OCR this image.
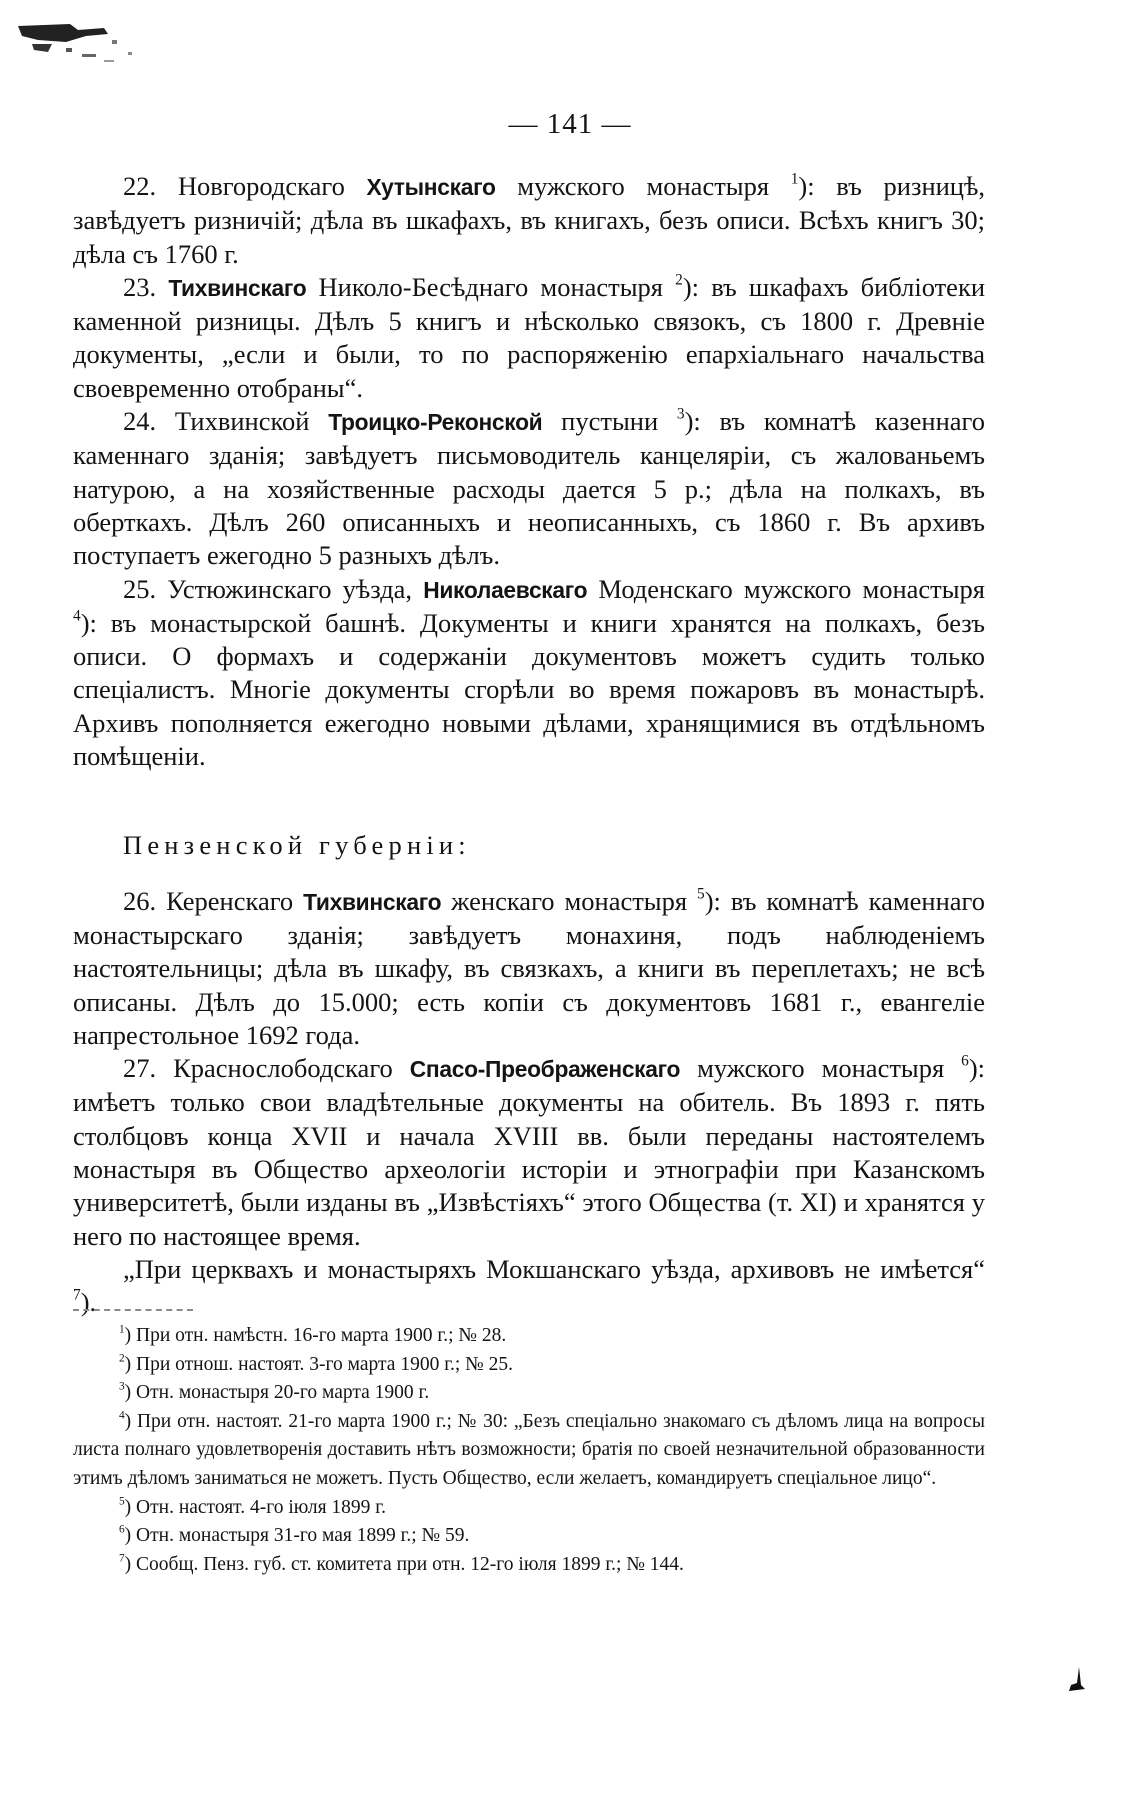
— 141 —

22. Новгородскаго Хутынскаго мужского монастыря $^1$): въ ризницѣ, завѣдуетъ ризничій; дѣла въ шкафахъ, въ книгахъ, безъ описи. Всѣхъ книгъ 30; дѣла съ 1760 г.

23. Тихвинскаго Николо-Бесѣднаго монастыря $^2$): въ шкафахъ библіотеки каменной ризницы. Дѣлъ 5 книгъ и нѣсколько связокъ, съ 1800 г. Древніе документы, „если и были, то по распоряженію епархіальнаго начальства своевременно отобраны“.

24. Тихвинской Троицко-Реконской пустыни $^3$): въ комнатѣ казеннаго каменнаго зданія; завѣдуетъ письмоводитель канцеляріи, съ жалованьемъ натурою, а на хозяйственные расходы дается 5 р.; дѣла на полкахъ, въ оберткахъ. Дѣлъ 260 описанныхъ и неописанныхъ, съ 1860 г. Въ архивъ поступаетъ ежегодно 5 разныхъ дѣлъ.

25. Устюжинскаго уѣзда, Николаевскаго Моденскаго мужского монастыря $^4$): въ монастырской башнѣ. Документы и книги хранятся на полкахъ, безъ описи. О формахъ и содержаніи документовъ можетъ судить только спеціалистъ. Многіе документы сгорѣли во время пожаровъ въ монастырѣ. Архивъ пополняется ежегодно новыми дѣлами, хранящимися въ отдѣльномъ помѣщеніи.

Пензенской губерніи:

26. Керенскаго Тихвинскаго женскаго монастыря $^5$): въ комнатѣ каменнаго монастырскаго зданія; завѣдуетъ монахиня, подъ наблюденіемъ настоятельницы; дѣла въ шкафу, въ связкахъ, а книги въ переплетахъ; не всѣ описаны. Дѣлъ до 15.000; есть копіи съ документовъ 1681 г., евангеліе напрестольное 1692 года.

27. Краснослободскаго Спасо-Преображенскаго мужского монастыря $^6$): имѣетъ только свои владѣтельные документы на обитель. Въ 1893 г. пять столбцовъ конца XVII и начала XVIII вв. были переданы настоятелемъ монастыря въ Общество археологіи исторіи и этнографіи при Казанскомъ университетѣ, были изданы въ „Извѣстіяхъ“ этого Общества (т. XI) и хранятся у него по настоящее время.

„При церквахъ и монастыряхъ Мокшанскаго уѣзда, архивовъ не имѣется“ $^7$).

$^1$) При отн. намѣстн. 16-го марта 1900 г.; № 28.

$^2$) При отнош. настоят. 3-го марта 1900 г.; № 25.

$^3$) Отн. монастыря 20-го марта 1900 г.

$^4$) При отн. настоят. 21-го марта 1900 г.; № 30: „Безъ спеціально знакомаго съ дѣломъ лица на вопросы листа полнаго удовлетворенія доставить нѣтъ возможности; братія по своей незначительной образованности этимъ дѣломъ заниматься не можетъ. Пусть Общество, если желаетъ, командируетъ спеціальное лицо“.

$^5$) Отн. настоят. 4-го іюля 1899 г.

$^6$) Отн. монастыря 31-го мая 1899 г.; № 59.

$^7$) Сообщ. Пенз. губ. ст. комитета при отн. 12-го іюля 1899 г.; № 144.
